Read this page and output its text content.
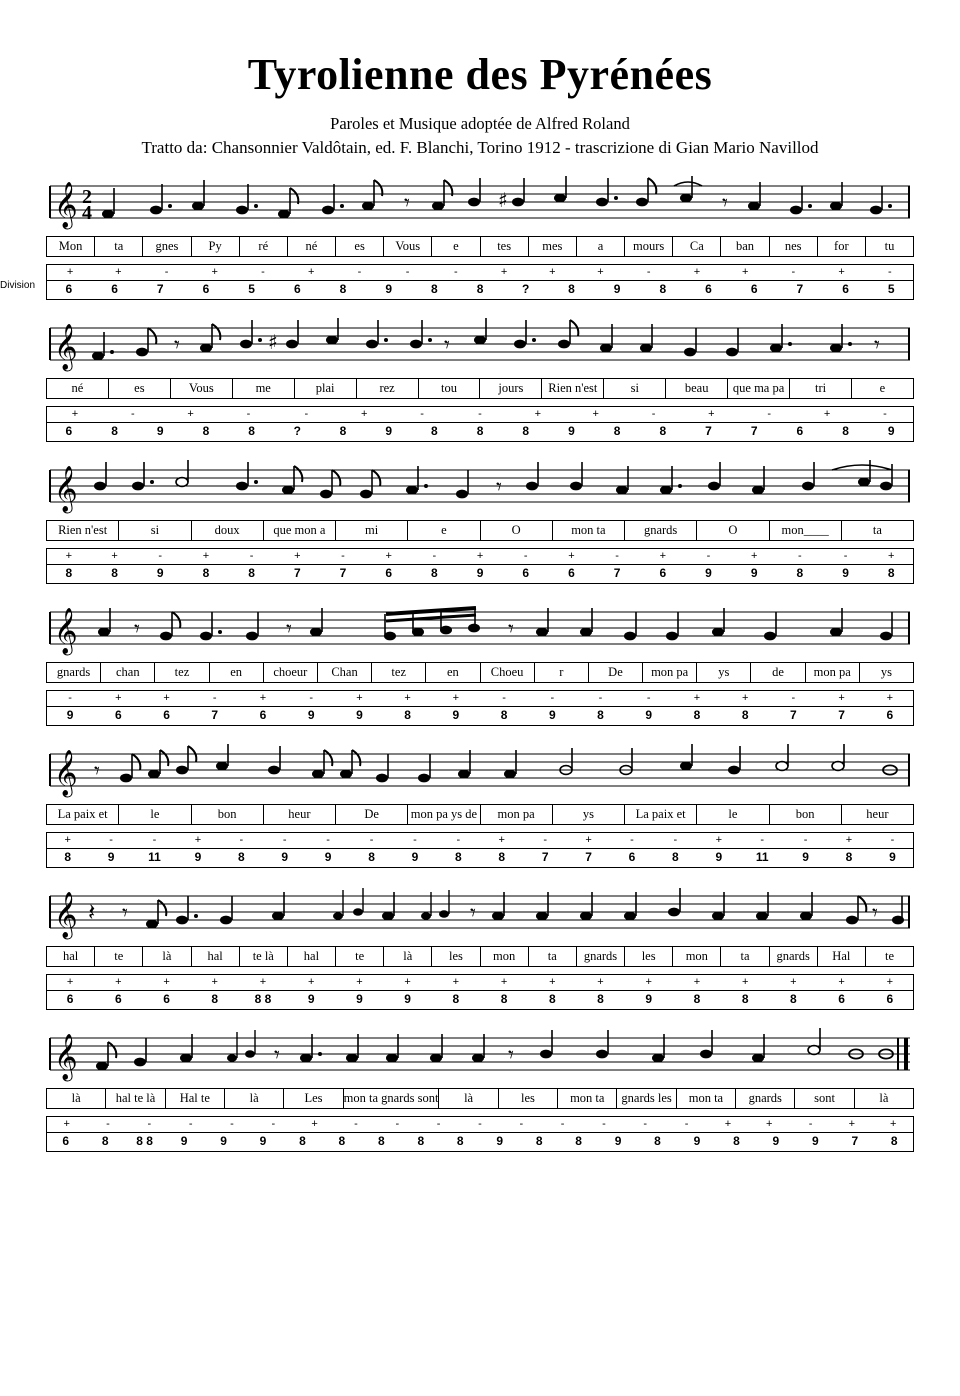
Tyrolienne des Pyrénées
Paroles et Musique adoptée de Alfred Roland
Tratto da: Chansonnier Valdôtain, ed. F. Blanchi, Torino 1912 - trascrizione di Gian Mario Navillod
𝄞 2
4	𝄾	♯	𝄾
Mon	ta	gnes	Py	ré	né	es	Vous	e	tes	mes	a	mours	Ca	ban	nes	for	tu
Division
+	+	-	+	-	+	-	-	-	+	+	+	-	+	+	-	+	-
6	6	7	6	5	6	8	9	8	8	?	8	9	8	6	6	7	6	5
𝄞	𝄾	♯	𝄾	𝄾
né	es	Vous	me	plai	rez	tou	jours	Rien n'est	si	beau	que ma pa	tri	e
+	-	+	-	-	+	-	-	+	+	-	+	-	+	-
6	8	9	8	8	?	8	9	8	8	8	9	8	8	7	7	6	8	9
𝄞	𝄾
Rien n'est	si	doux	que mon a	mi	e	O	mon ta	gnards	O	mon____	ta
+	+	-	+	-	+	-	+	-	+	-	+	-	+	-	+	-	-	+
8	8	9	8	8	7	7	6	8	9	6	6	7	6	9	9	8	9	8
𝄞	𝄾	𝄾	𝄾
gnards	chan	tez	en	choeur	Chan	tez	en	Choeu	r	De	mon pa	ys	de	mon pa	ys
-	+	+	-	+	-	+	+	+	-	-	-	-	+	+	-	+	+
9	6	6	7	6	9	9	8	9	8	9	8	9	8	8	7	7	6
𝄞 𝄾
La paix et	le	bon	heur	De	mon pa ys de	mon pa	ys	La paix et	le	bon	heur
+	-	-	+	-	-	-	-	-	-	+	-	+	-	-	+	-	-	+	-
8	9	11	9	8	9	9	8	9	8	8	7	7	6	8	9	11	9	8	9
𝄞 𝄽 𝄾	𝄾	𝄾
hal	te	là	hal	te là	hal	te	là	les	mon	ta	gnards	les	mon	ta	gnards	Hal	te
+	+	+	+	+	+	+	+	+	+	+	+	+	+	+	+	+	+
6	6	6	8	8 8	9	9	9	8	8	8	8	9	8	8	8	6	6
𝄞	𝄾	𝄾
là	hal te là	Hal te	là	Les	mon ta gnards sont	là	les	mon ta	gnards les	mon ta	gnards	sont	là
+	-	-	-	-	-	+	-	-	-	-	-	-	-	-	-	+	+	-	+	+
6	8	8 8	9	9	9	8	8	8	8	8	9	8	8	9	8	9	8	9	9	7	8
